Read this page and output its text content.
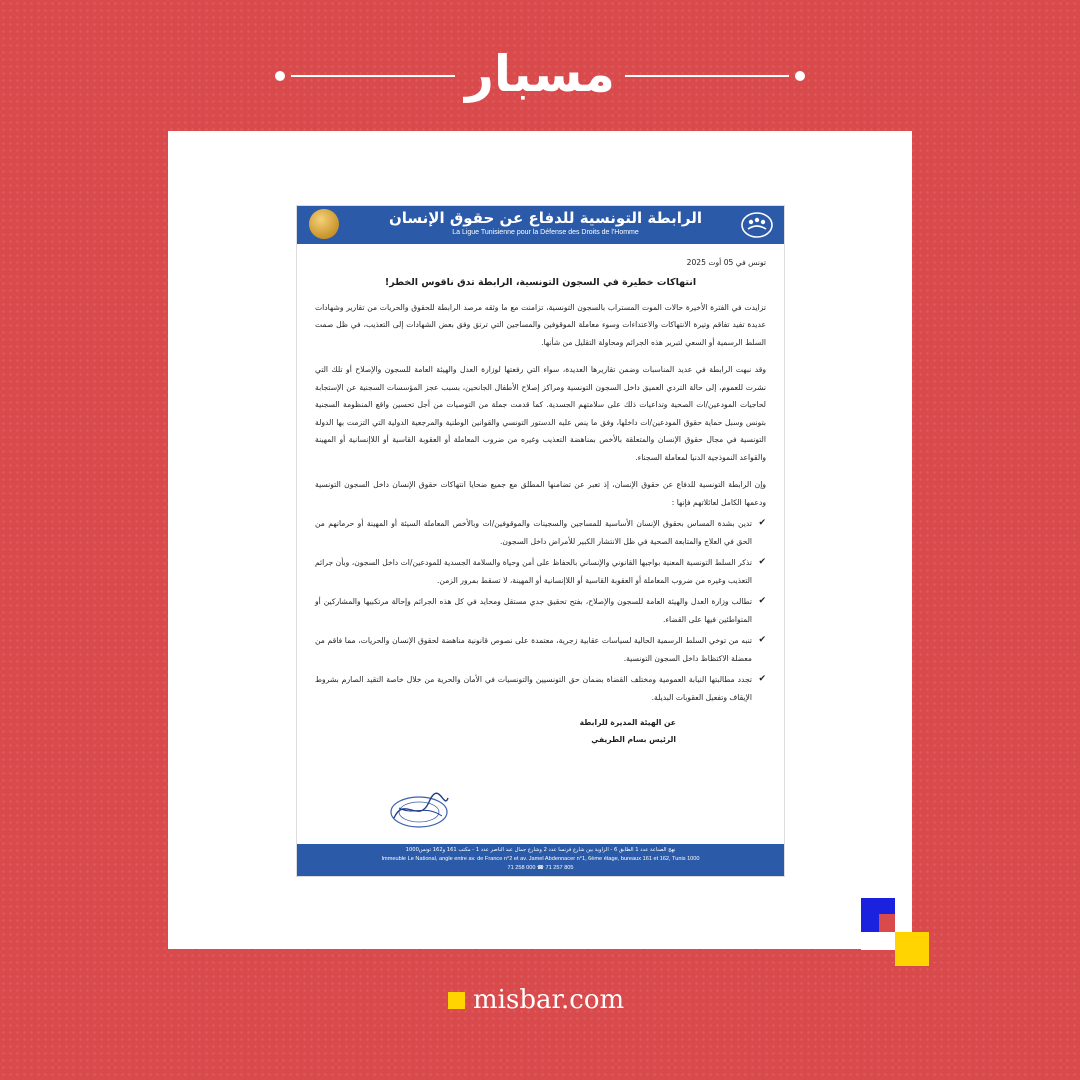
مسبار
الرابطة التونسية للدفاع عن حقوق الإنسان
La Ligue Tunisienne pour la Défense des Droits de l'Homme
تونس في 05 أوت 2025
انتهاكات خطيرة في السجون التونسية، الرابطة تدق ناقوس الخطر!

تزايدت في الفترة الأخيرة حالات الموت المستراب بالسجون التونسية، تزامنت مع ما وثقه مرصد الرابطة للحقوق والحريات من تقارير وشهادات عديدة تفيد تفاقم وتيرة الانتهاكات والاعتداءات وسوء معاملة الموقوفين والمساجين التي ترتق وفق بعض الشهادات إلى التعذيب، في ظل صمت السلط الرسمية أو السعي لتبرير هذه الجرائم ومحاولة التقليل من شأنها.

وقد نبهت الرابطة في عديد المناسبات وضمن تقاريرها العديدة، سواء التي رفعتها لوزارة العدل والهيئة العامة للسجون والإصلاح أو تلك التي نشرت للعموم، إلى حالة التردي العميق داخل السجون التونسية ومراكز إصلاح الأطفال الجانحين، بسبب عجز المؤسسات السجنية عن الإستجابة لحاجيات المودعين/ات الصحية وتداعيات ذلك على سلامتهم الجسدية. كما قدمت جملة من التوصيات من أجل تحسين واقع المنظومة السجنية بتونس وسبل حماية حقوق المودعين/ات داخلها، وفق ما ينص عليه الدستور التونسي والقوانين الوطنية والمرجعية الدولية التي التزمت بها الدولة التونسية في مجال حقوق الإنسان والمتعلقة بالأخص بمناهضة التعذيب وغيره من ضروب المعاملة أو العقوبة القاسية أو اللاإنسانية أو المهينة والقواعد النموذجية الدنيا لمعاملة السجناء.

وإن الرابطة التونسية للدفاع عن حقوق الإنسان، إذ تعبر عن تضامنها المطلق مع جميع ضحايا انتهاكات حقوق الإنسان داخل السجون التونسية ودعمها الكامل لعائلاتهم فإنها :

✔
تدين بشدة المساس بحقوق الإنسان الأساسية للمساجين والسجينات والموقوفين/ات وبالأخص المعاملة السيئة أو المهينة أو حرمانهم من الحق في العلاج والمتابعة الصحية في ظل الانتشار الكبير للأمراض داخل السجون.
✔
تذكر السلط التونسية المعنية بواجبها القانوني والإنساني بالحفاظ على أمن وحياة والسلامة الجسدية للمودعين/ات داخل السجون، وبأن جرائم التعذيب وغيره من ضروب المعاملة أو العقوبة القاسية أو اللاإنسانية أو المهينة، لا تسقط بمرور الزمن.
✔
تطالب وزارة العدل والهيئة العامة للسجون والإصلاح، بفتح تحقيق جدي مستقل ومحايد في كل هذه الجرائم وإحالة مرتكبيها والمشاركين أو المتواطئين فيها على القضاء.
✔
تنبه من توخي السلط الرسمية الحالية لسياسات عقابية زجرية، معتمدة على نصوص قانونية مناهضة لحقوق الإنسان والحريات، مما فاقم من معضلة الاكتظاظ داخل السجون التونسية.
✔
تجدد مطالبتها النيابة العمومية ومختلف القضاة بضمان حق التونسيين والتونسيات في الأمان والحرية من خلال خاصة التقيد الصارم بشروط الإيقاف وتفعيل العقوبات البديلة.
عن الهيئة المديرة للرابطة
الرئيس بسام الطريفي
نهج الصناعة عدد 1 الطابق 6 - الزاوية بين شارع فرنسا عدد 2 وشارع جمال عبد الناصر عدد 1 - مكتب 161 و162 تونس1000
Immeuble Le National, angle entre av. de France n°2 et av. Jamel Abdennacer n°1, 6ème étage, bureaux 161 et 162, Tunis 1000
71 258 000 ☎ 71 257 805
misbar.com
